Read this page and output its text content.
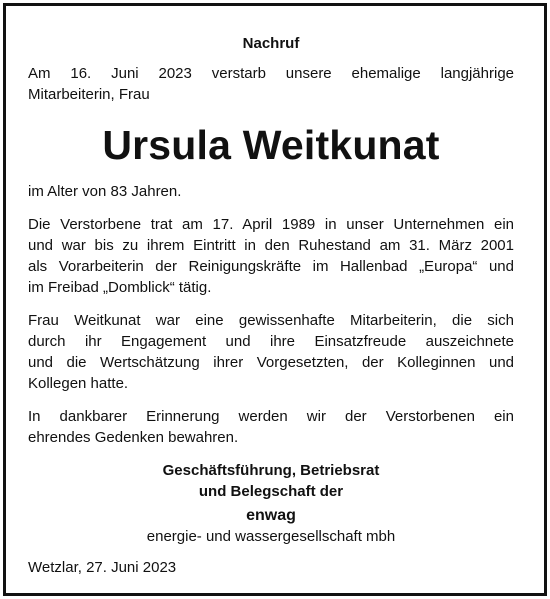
Nachruf
Am 16. Juni 2023 verstarb unsere ehemalige langjährige
Mitarbeiterin, Frau
Ursula Weitkunat
im Alter von 83 Jahren.
Die Verstorbene trat am 17. April 1989 in unser Unternehmen ein
und war bis zu ihrem Eintritt in den Ruhestand am 31. März 2001
als Vorarbeiterin der Reinigungskräfte im Hallenbad „Europa“ und
im Freibad „Domblick“ tätig.
Frau Weitkunat war eine gewissenhafte Mitarbeiterin, die sich
durch ihr Engagement und ihre Einsatzfreude auszeichnete
und die Wertschätzung ihrer Vorgesetzten, der Kolleginnen und
Kollegen hatte.
In dankbarer Erinnerung werden wir der Verstorbenen ein
ehrendes Gedenken bewahren.
Geschäftsführung, Betriebsrat
und Belegschaft der
enwag
energie- und wassergesellschaft mbh
Wetzlar, 27. Juni 2023
